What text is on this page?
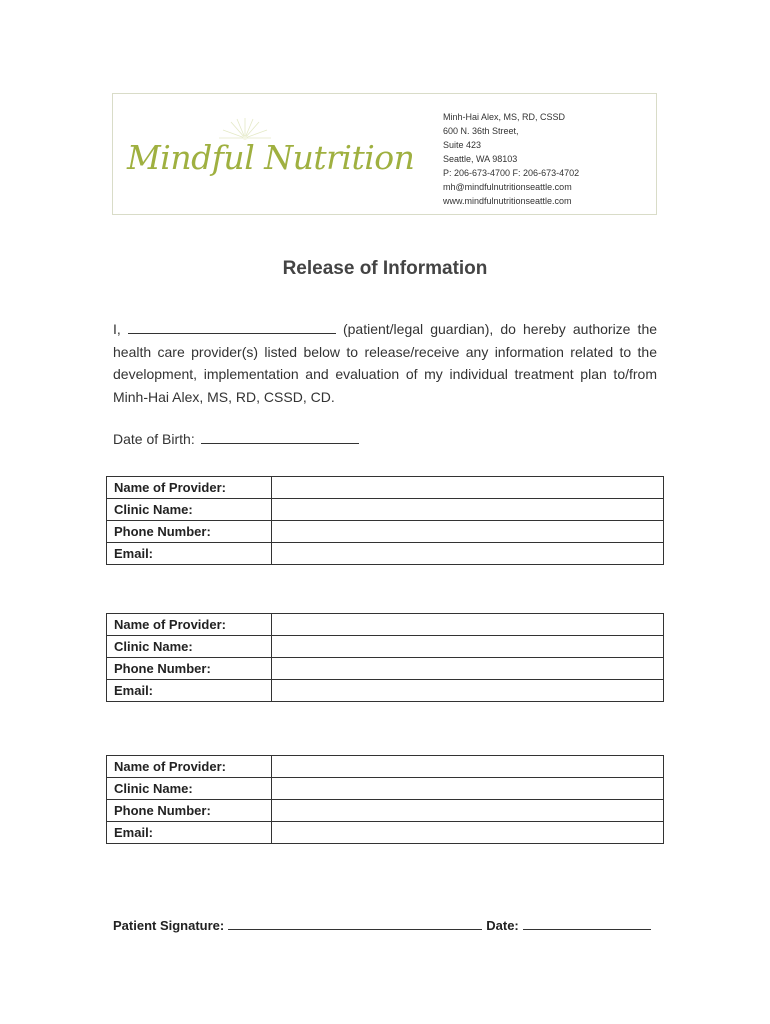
Mindful Nutrition
Minh-Hai Alex, MS, RD, CSSD
600 N. 36th Street,
Suite 423
Seattle, WA 98103
P: 206-673-4700 F: 206-673-4702
mh@mindfulnutritionseattle.com
www.mindfulnutritionseattle.com
Release of Information
I,	(patient/legal guardian), do hereby authorize the health care provider(s) listed below to release/receive any information related to the development, implementation and evaluation of my individual treatment plan to/from Minh-Hai Alex, MS, RD, CSSD, CD.
Date of Birth:
Name of Provider:	
Clinic Name:	
Phone Number:	
Email:	
Name of Provider:	
Clinic Name:	
Phone Number:	
Email:	
Name of Provider:	
Clinic Name:	
Phone Number:	
Email:	
Patient Signature:	Date:
